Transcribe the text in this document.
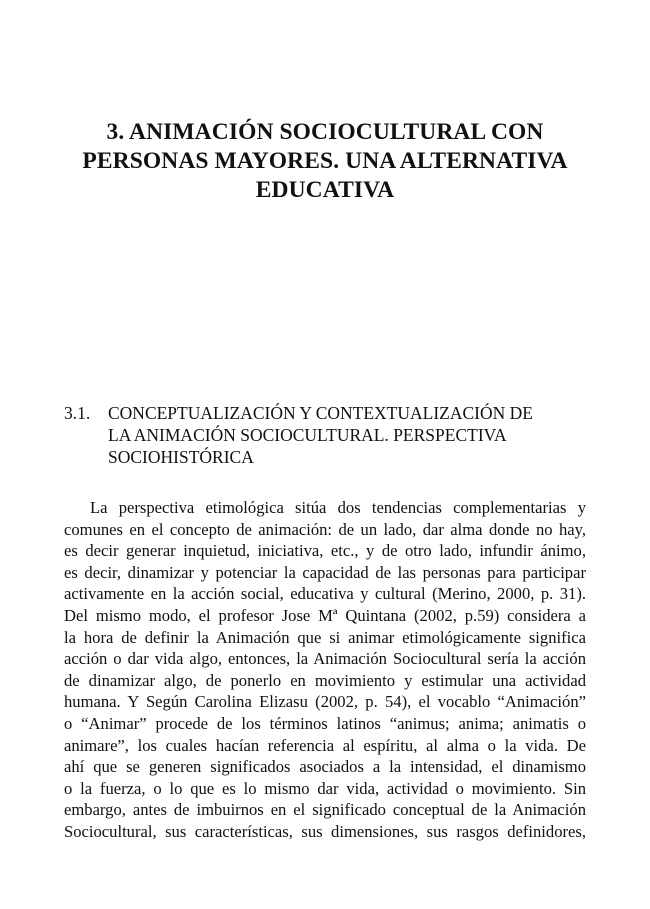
3. ANIMACIÓN SOCIOCULTURAL CON
PERSONAS MAYORES. UNA ALTERNATIVA
EDUCATIVA
3.1. CONCEPTUALIZACIÓN Y CONTEXTUALIZACIÓN DE
LA ANIMACIÓN SOCIOCULTURAL. PERSPECTIVA
SOCIOHISTÓRICA
La perspectiva etimológica sitúa dos tendencias complementarias y
comunes en el concepto de animación: de un lado, dar alma donde no hay,
es decir generar inquietud, iniciativa, etc., y de otro lado, infundir ánimo,
es decir, dinamizar y potenciar la capacidad de las personas para participar
activamente en la acción social, educativa y cultural (Merino, 2000, p. 31).
Del mismo modo, el profesor Jose Mª Quintana (2002, p.59) considera a
la hora de definir la Animación que si animar etimológicamente significa
acción o dar vida algo, entonces, la Animación Sociocultural sería la acción
de dinamizar algo, de ponerlo en movimiento y estimular una actividad
humana. Y Según Carolina Elizasu (2002, p. 54), el vocablo “Animación”
o “Animar” procede de los términos latinos “animus; anima; animatis o
animare”, los cuales hacían referencia al espíritu, al alma o la vida. De
ahí que se generen significados asociados a la intensidad, el dinamismo
o la fuerza, o lo que es lo mismo dar vida, actividad o movimiento. Sin
embargo, antes de imbuirnos en el significado conceptual de la Animación
Sociocultural, sus características, sus dimensiones, sus rasgos definidores,
